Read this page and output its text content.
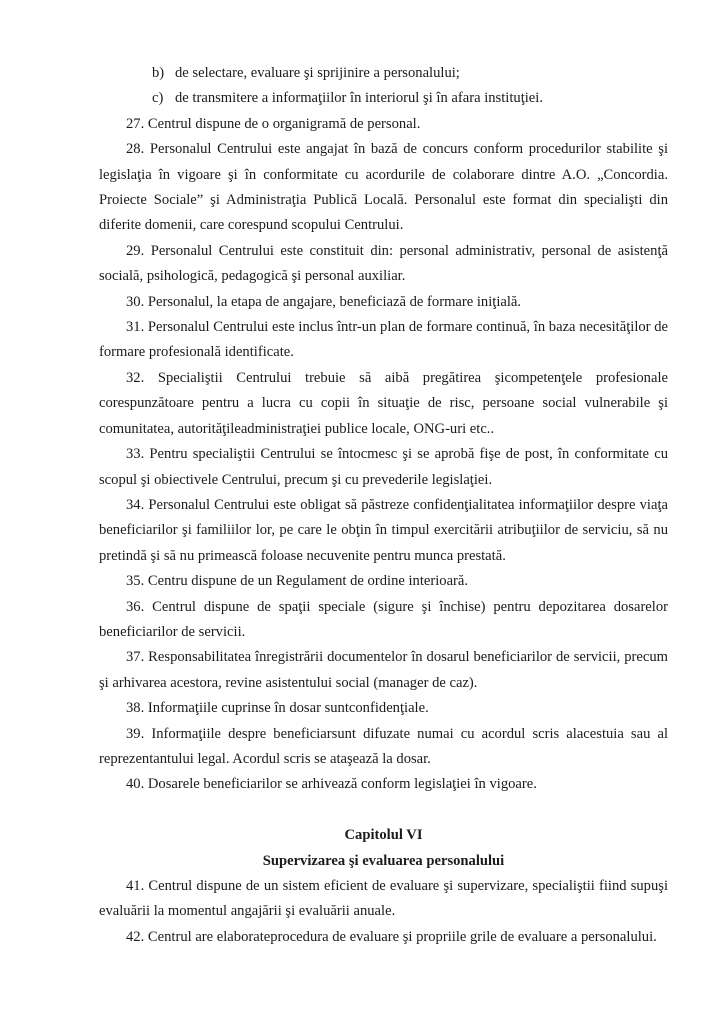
b) de selectare, evaluare şi sprijinire a personalului;

c) de transmitere a informaţiilor în interiorul şi în afara instituţiei.

27. Centrul dispune de o organigramă de personal.

28. Personalul Centrului este angajat în bază de concurs conform procedurilor stabilite şi legislaţia în vigoare şi în conformitate cu acordurile de colaborare dintre A.O. „Concordia. Proiecte Sociale” şi Administraţia Publică Locală. Personalul este format din specialişti din diferite domenii, care corespund scopului Centrului.

29. Personalul Centrului este constituit din: personal administrativ, personal de asistenţă socială, psihologică, pedagogică şi personal auxiliar.

30. Personalul, la etapa de angajare, beneficiază de formare iniţială.

31. Personalul Centrului este inclus într-un plan de formare continuă, în baza necesităţilor de formare profesională identificate.

32. Specialiştii Centrului trebuie să aibă pregătirea şicompetenţele profesionale corespunzătoare pentru a lucra cu copii în situaţie de risc, persoane social vulnerabile şi comunitatea, autorităţileadministraţiei publice locale, ONG-uri etc..

33. Pentru specialiştii Centrului se întocmesc şi se aprobă fişe de post, în conformitate cu scopul şi obiectivele Centrului, precum şi cu prevederile legislaţiei.

34. Personalul Centrului este obligat să păstreze confidenţialitatea informaţiilor despre viaţa beneficiarilor şi familiilor lor, pe care le obţin în timpul exercitării atribuţiilor de serviciu, să nu pretindă şi să nu primească foloase necuvenite pentru munca prestată.

35. Centru dispune de un Regulament de ordine interioară.

36. Centrul dispune de spaţii speciale (sigure şi închise) pentru depozitarea dosarelor beneficiarilor de servicii.

37. Responsabilitatea înregistrării documentelor în dosarul beneficiarilor de servicii, precum şi arhivarea acestora, revine asistentului social (manager de caz).

38. Informaţiile cuprinse în dosar suntconfidenţiale.

39. Informaţiile despre beneficiarsunt difuzate numai cu acordul scris alacestuia sau al reprezentantului legal. Acordul scris se ataşează la dosar.

40. Dosarele beneficiarilor se arhivează conform legislaţiei în vigoare.

Capitolul VI
Supervizarea şi evaluarea personalului

41. Centrul dispune de un sistem eficient de evaluare şi supervizare, specialiştii fiind supuşi evaluării la momentul angajării şi evaluării anuale.

42. Centrul are elaborateprocedura de evaluare şi propriile grile de evaluare a personalului.
